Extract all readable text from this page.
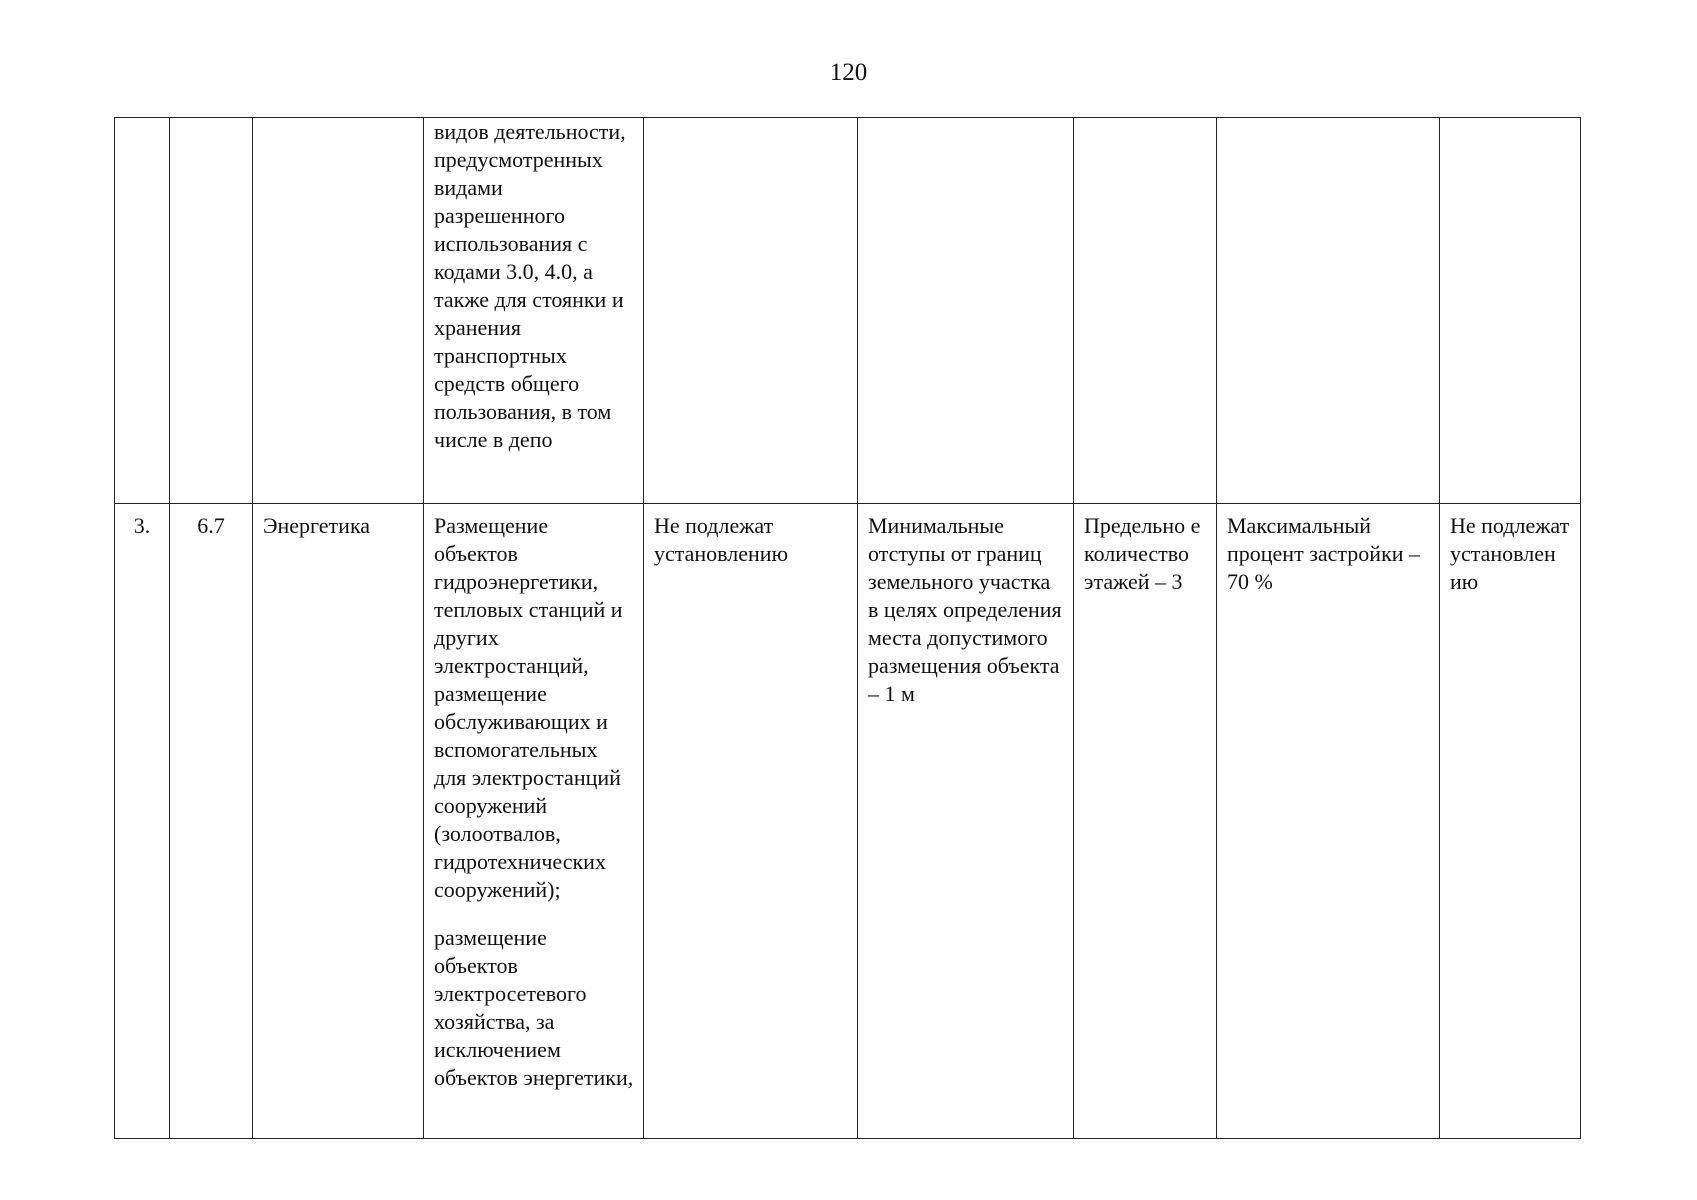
120

			видов деятельности, предусмотренных видами разрешенного использования с кодами 3.0, 4.0, а также для стоянки и хранения транспортных средств общего пользования, в том числе в депо					

3.	6.7	Энергетика	Размещение объектов гидроэнергетики, тепловых станций и других электростанций, размещение обслуживающих и вспомогательных для электростанций сооружений (золоотвалов, гидротехнических сооружений);
размещение объектов электросетевого хозяйства, за исключением объектов энергетики,	Не подлежат установлению	Минимальные отступы от границ земельного участка в целях определения места допустимого размещения объекта – 1 м	Предельно е количество этажей – 3	Максимальный процент застройки – 70 %	Не подлежат установлен ию
